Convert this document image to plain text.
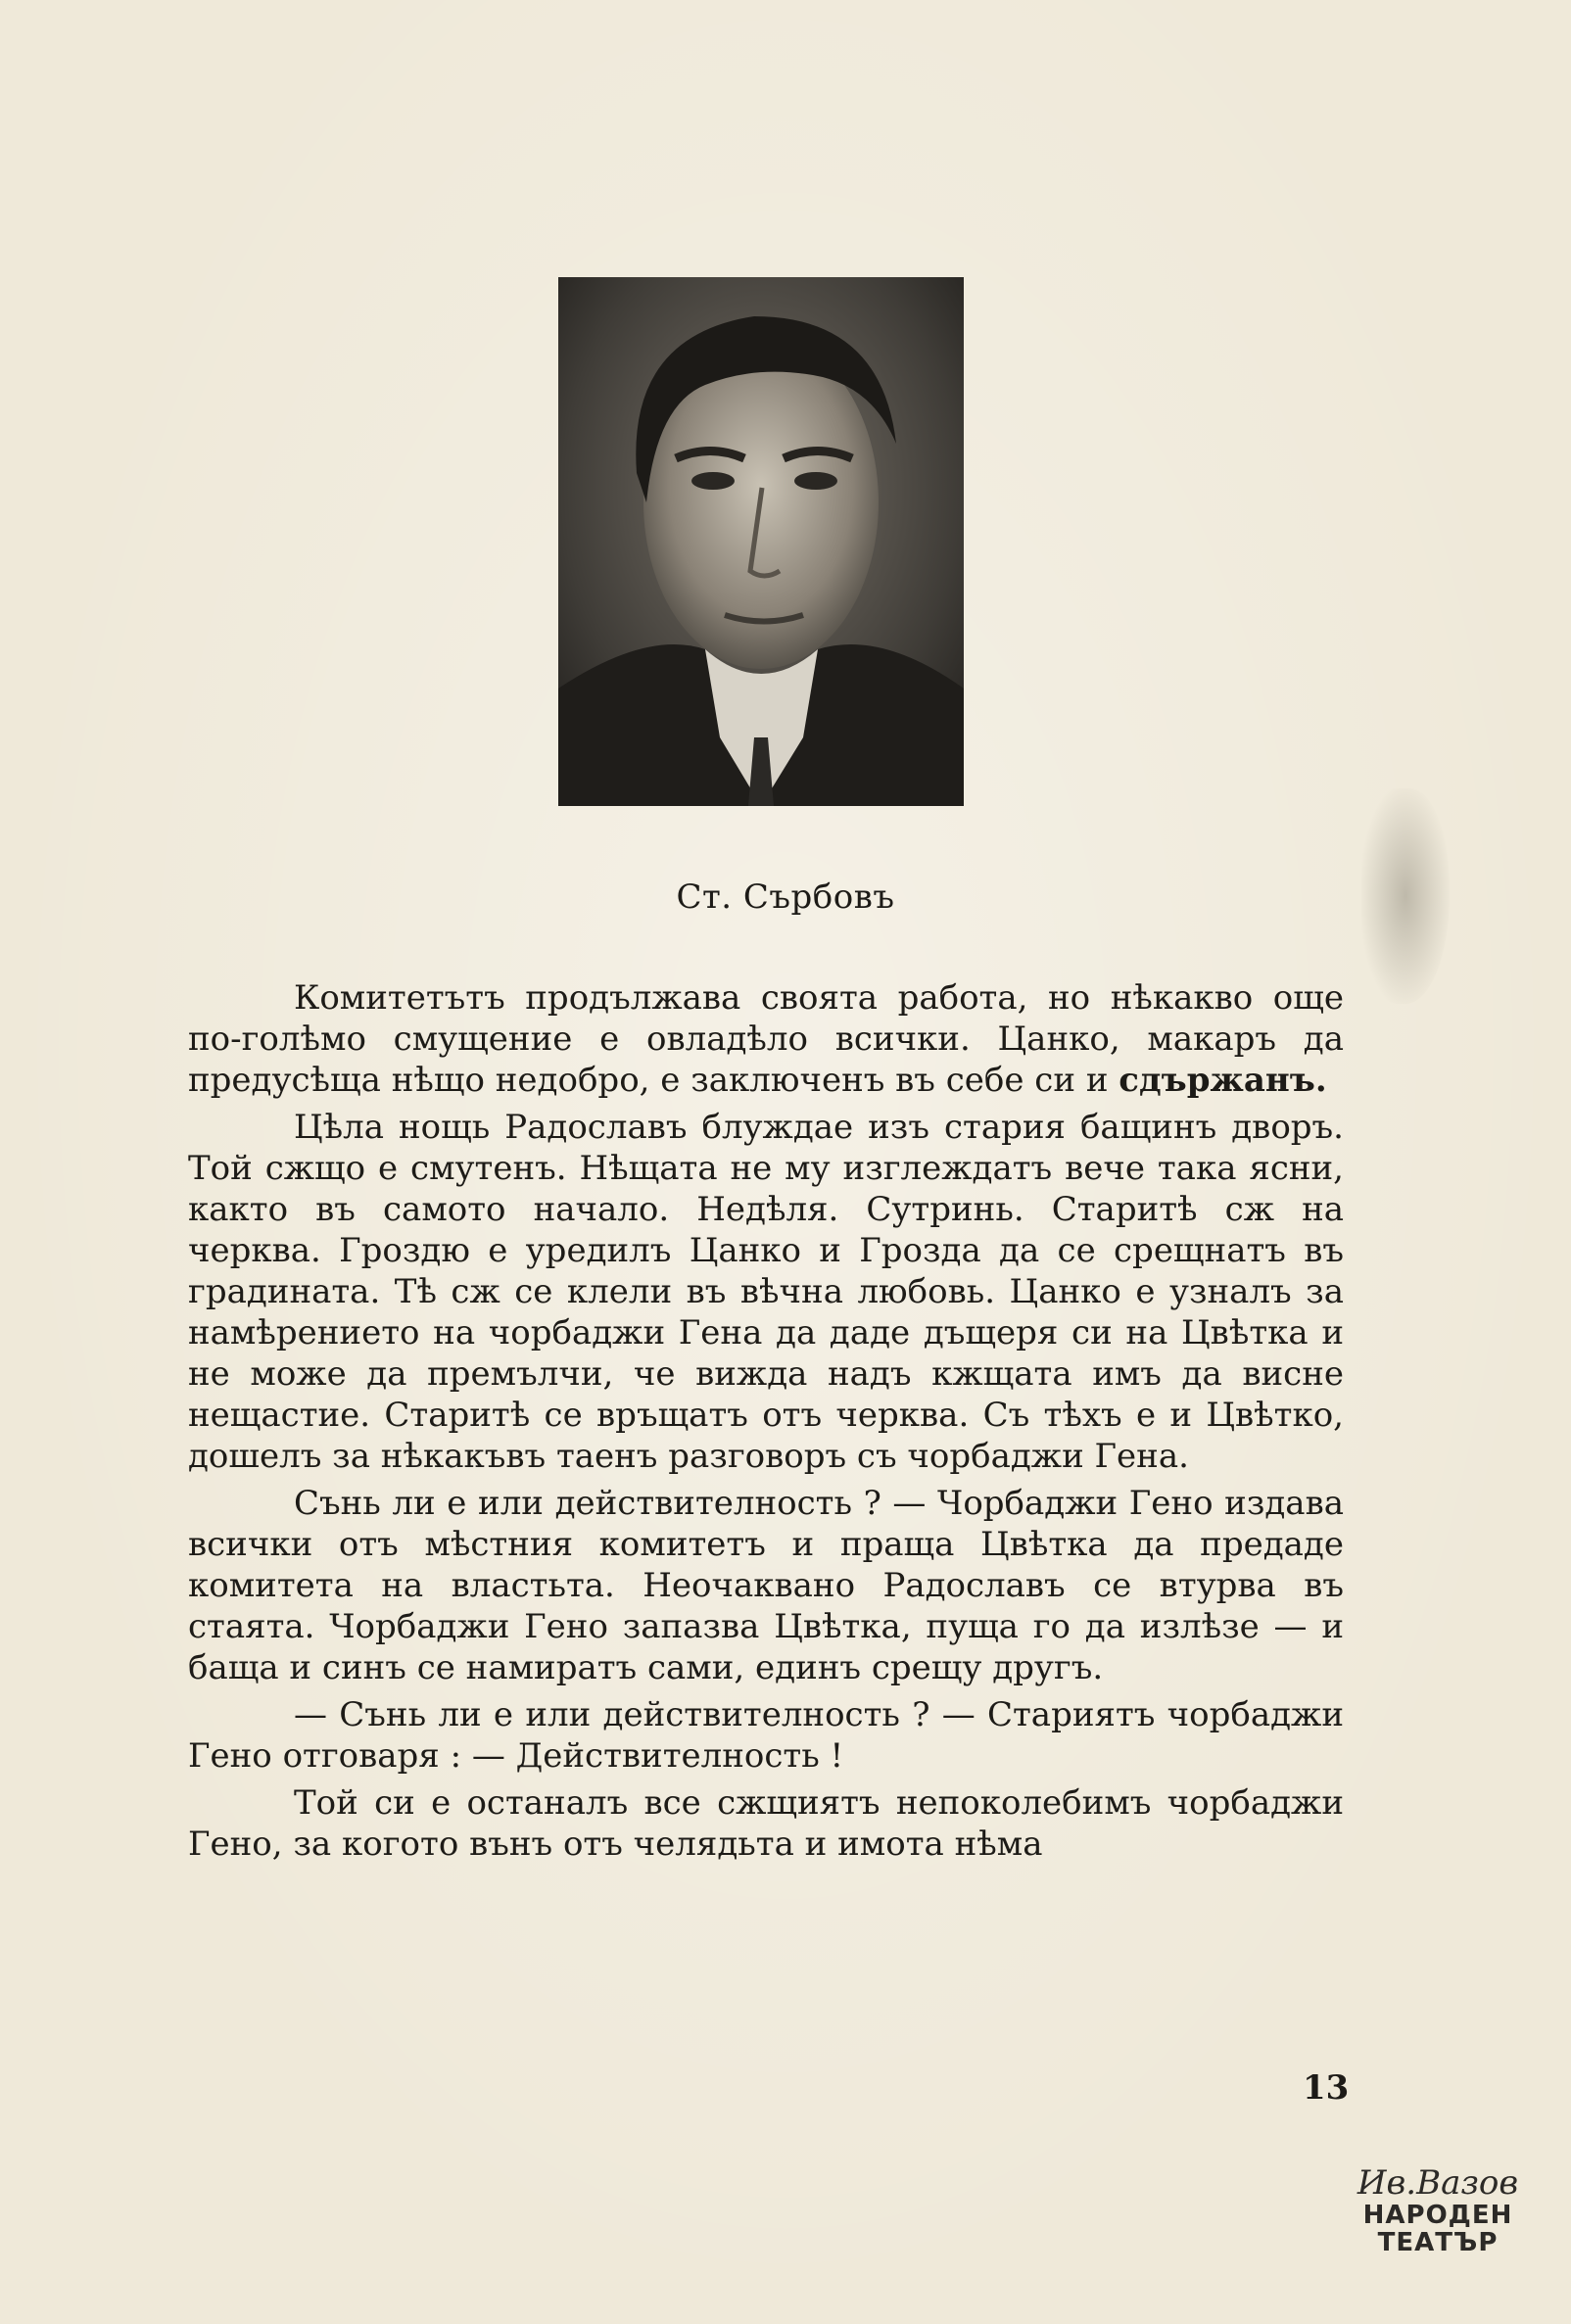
Ст. Сърбовъ

Комитетътъ продължава своята работа, но нѣкакво още по-голѣмо смущение е овладѣло всички. Цанко, макаръ да предусѣща нѣщо недобро, е заключенъ въ себе си и сдържанъ.

Цѣла нощь Радославъ блуждае изъ стария бащинъ дворъ. Той сжщо е смутенъ. Нѣщата не му изглеждатъ вече така ясни, както въ самото начало. Недѣля. Сутринь. Старитѣ сж на черква. Гроздю е уредилъ Цанко и Грозда да се срещнатъ въ градината. Тѣ сж се клели въ вѣчна любовь. Цанко е узналъ за намѣрението на чорбаджи Гена да даде дъщеря си на Цвѣтка и не може да премълчи, че вижда надъ кжщата имъ да висне нещастие. Старитѣ се връщатъ отъ черква. Съ тѣхъ е и Цвѣтко, дошелъ за нѣкакъвъ таенъ разговоръ съ чорбаджи Гена.

Сънь ли е или действителность ? — Чорбаджи Гено издава всички отъ мѣстния комитетъ и праща Цвѣтка да предаде комитета на властьта. Неочаквано Радославъ се втурва въ стаята. Чорбаджи Гено запазва Цвѣтка, пуща го да излѣзе — и баща и синъ се намиратъ сами, единъ срещу другъ.

— Сънь ли е или действителность ? — Стариятъ чорбаджи Гено отговаря : — Действителность !

Той си е останалъ все сжщиятъ непоколебимъ чорбаджи Гено, за когото вънъ отъ челядьта и имота нѣма

13
Ив.Вазов
НАРОДЕН
ТЕАТЪР
